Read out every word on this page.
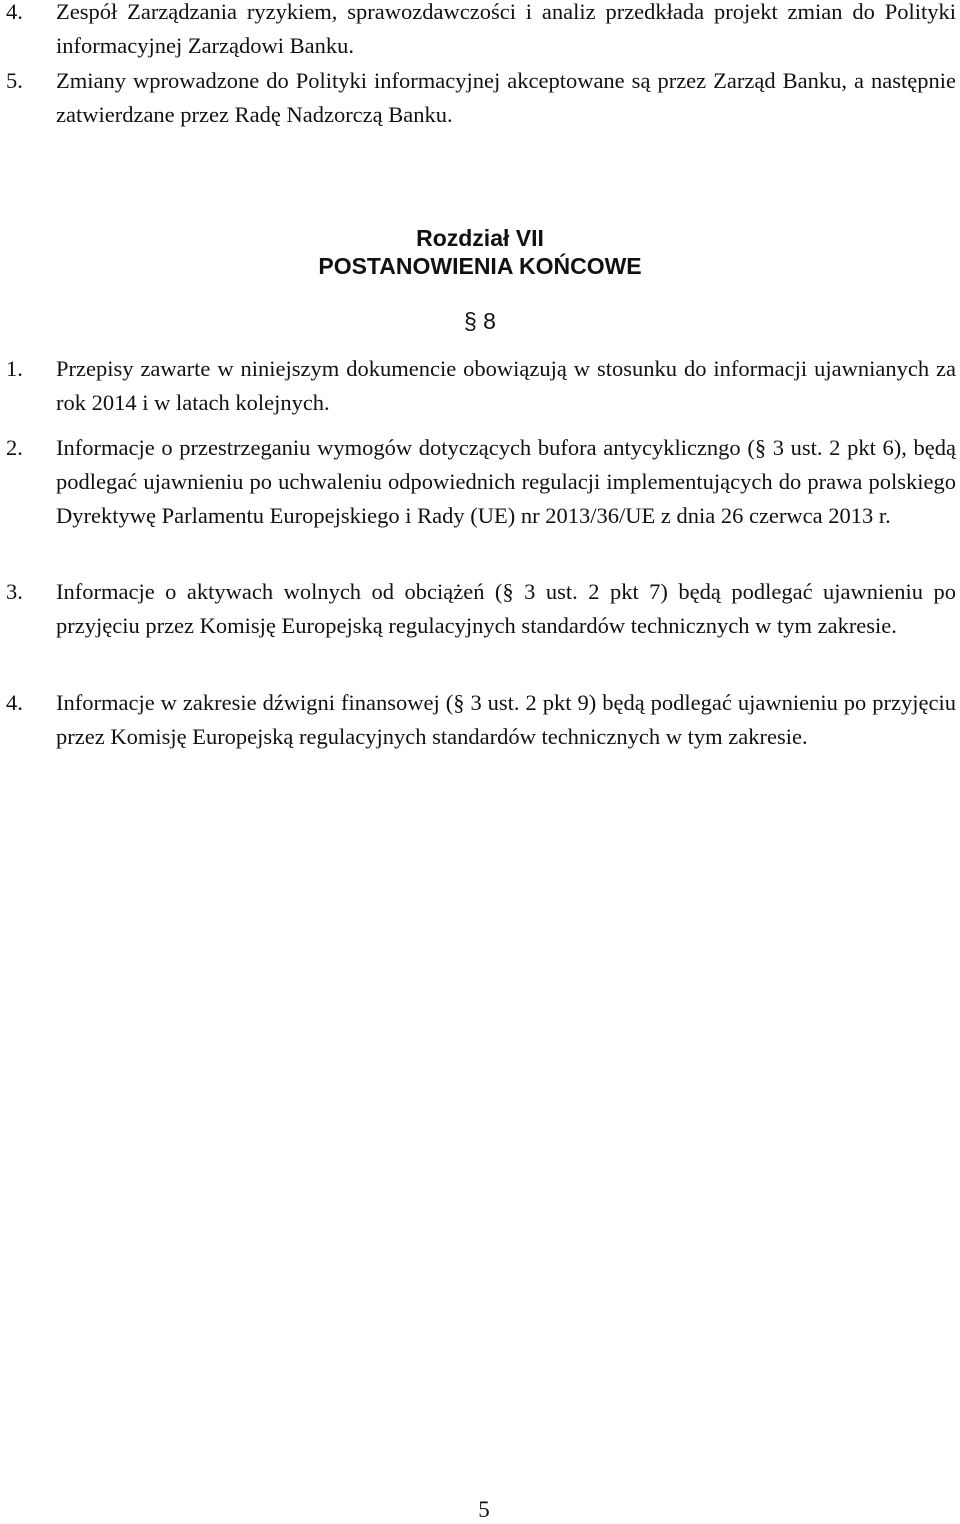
4. Zespół Zarządzania ryzykiem, sprawozdawczości i analiz przedkłada projekt zmian do Polityki informacyjnej Zarządowi Banku.
5. Zmiany wprowadzone do Polityki informacyjnej akceptowane są przez Zarząd Banku, a następnie zatwierdzane przez Radę Nadzorczą Banku.
Rozdział VII
POSTANOWIENIA KOŃCOWE
§ 8
1. Przepisy zawarte w niniejszym dokumencie obowiązują w stosunku do informacji ujawnianych za rok 2014 i w latach kolejnych.
2. Informacje o przestrzeganiu wymogów dotyczących bufora antycykliczngo (§ 3 ust. 2 pkt 6), będą podlegać ujawnieniu po uchwaleniu odpowiednich regulacji implementujących do prawa polskiego Dyrektywę Parlamentu Europejskiego i Rady (UE) nr 2013/36/UE z dnia 26 czerwca 2013 r.
3. Informacje o aktywach wolnych od obciążeń (§ 3 ust. 2 pkt 7) będą podlegać ujawnieniu po przyjęciu przez Komisję Europejską regulacyjnych standardów technicznych w tym zakresie.
4. Informacje w zakresie dźwigni finansowej (§ 3 ust. 2 pkt 9) będą podlegać ujawnieniu po przyjęciu przez Komisję Europejską regulacyjnych standardów technicznych w tym zakresie.
5
